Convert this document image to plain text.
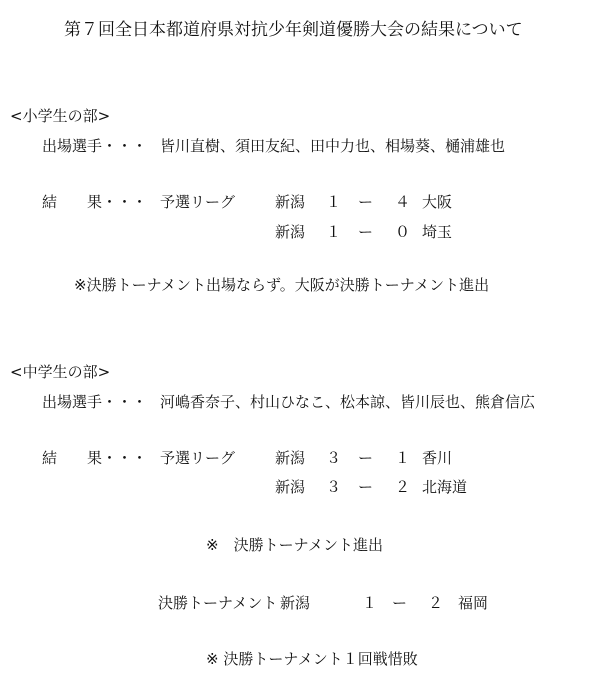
第７回全日本都道府県対抗少年剣道優勝大会の結果について
<小学生の部>
出場選手・・・ 皆川直樹、須田友紀、田中力也、相場葵、樋浦雄也
結　　果・・・ 予選リーグ	新潟 １ ー ４ 大阪
新潟 １ ー ０ 埼玉
※決勝トーナメント出場ならず。大阪が決勝トーナメント進出
<中学生の部>
出場選手・・・ 河嶋香奈子、村山ひなこ、松本諒、皆川辰也、熊倉信広
結　　果・・・ 予選リーグ	新潟 ３ ー １ 香川
新潟 ３ ー ２ 北海道
※　決勝トーナメント進出
決勝トーナメント 新潟	１ ー ２ 福岡
※ 決勝トーナメント１回戦惜敗
